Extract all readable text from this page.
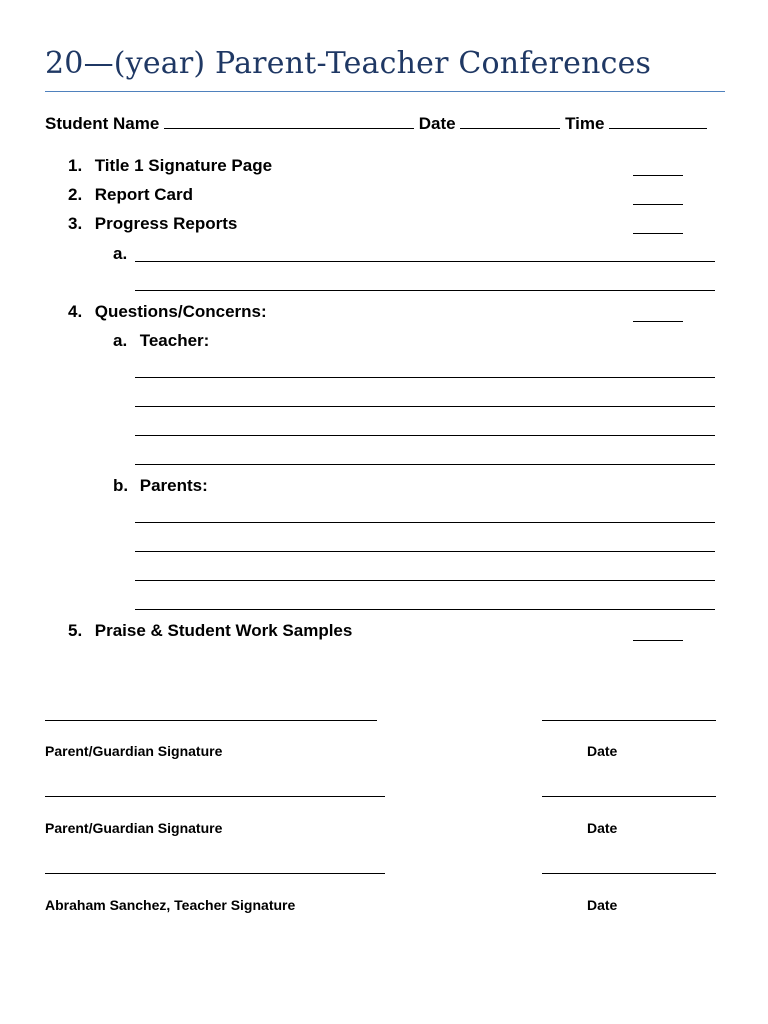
20—(year) Parent-Teacher Conferences
Student Name	Date	Time
1. Title 1 Signature Page
2. Report Card
3. Progress Reports
a.
4. Questions/Concerns:
a. Teacher:
b. Parents:
5. Praise & Student Work Samples
Parent/Guardian Signature	Date
Parent/Guardian Signature	Date
Abraham Sanchez, Teacher Signature	Date
